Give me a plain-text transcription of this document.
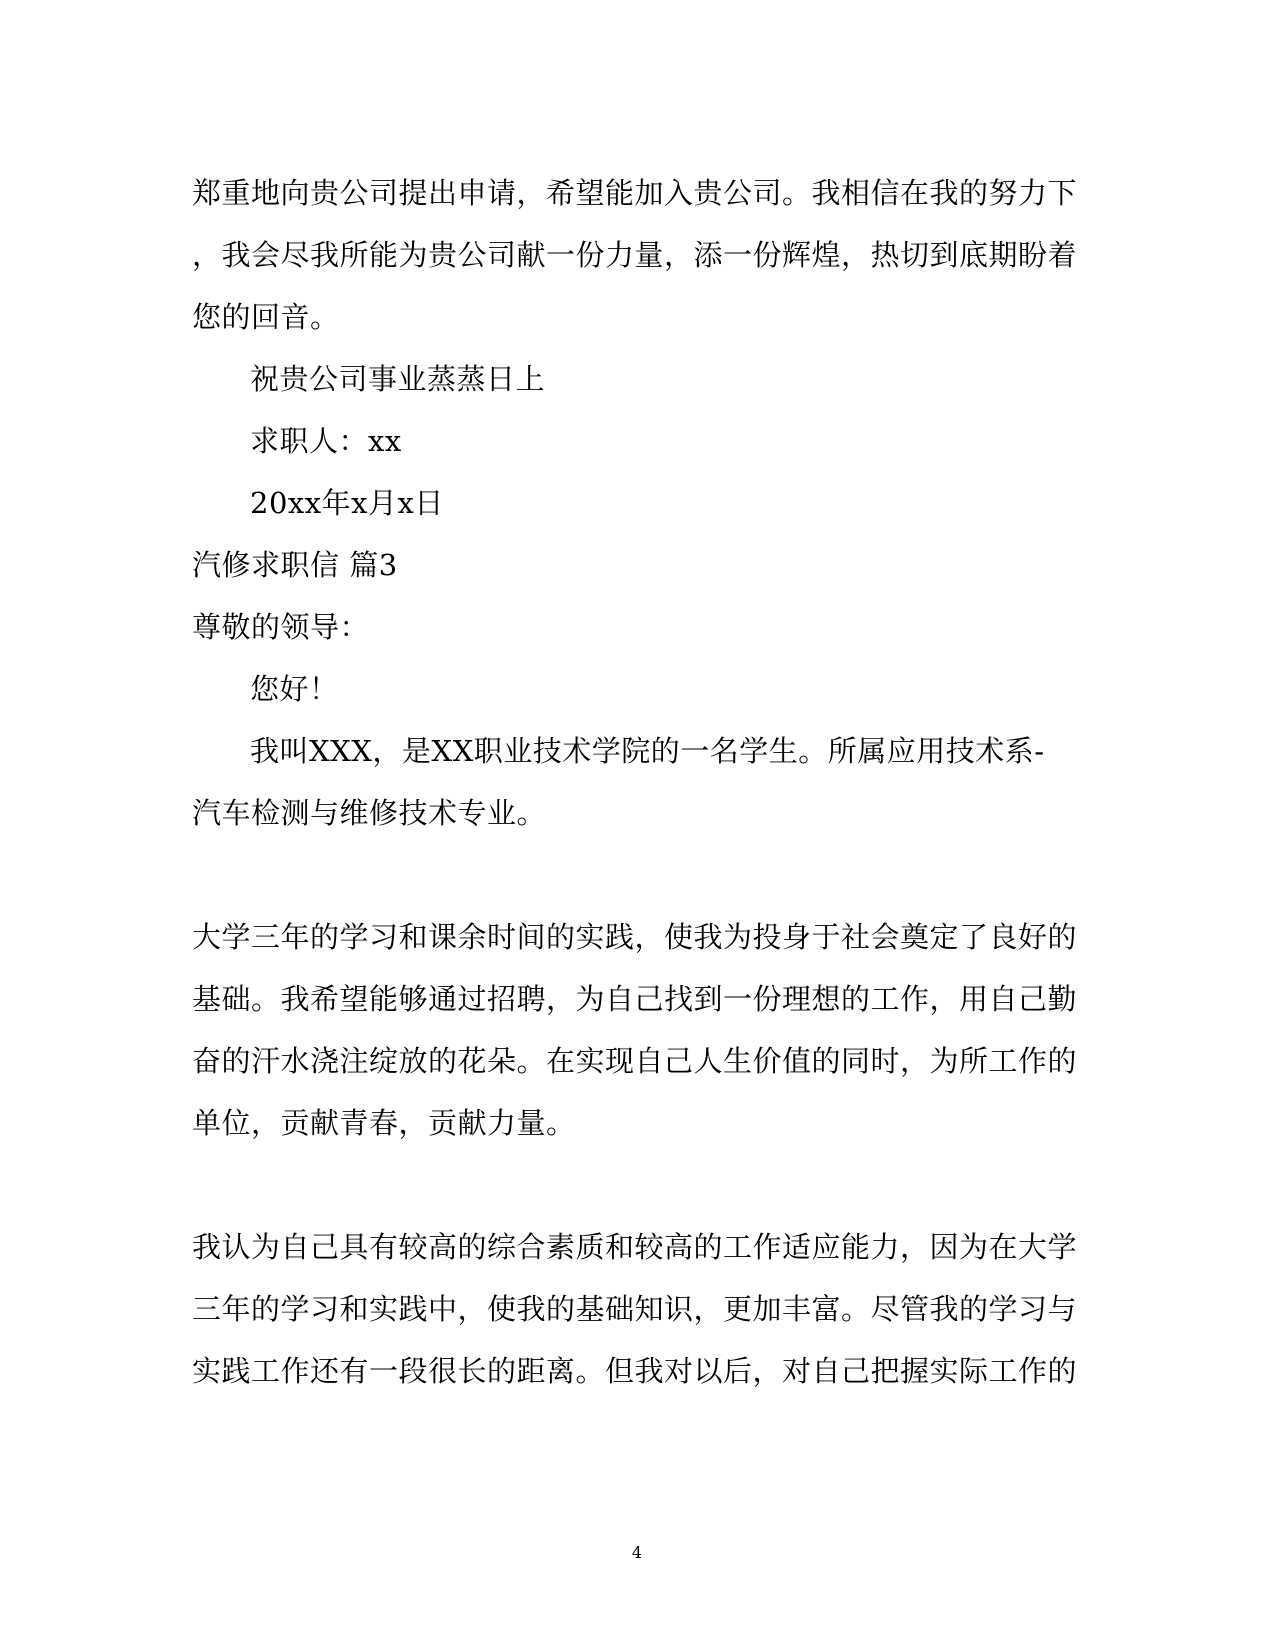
郑重地向贵公司提出申请，希望能加入贵公司。我相信在我的努力下
，我会尽我所能为贵公司献一份力量，添一份辉煌，热切到底期盼着
您的回音。
祝贵公司事业蒸蒸日上
求职人：xx
20xx年x月x日
汽修求职信 篇3
尊敬的领导：
您好！
我叫XXX，是XX职业技术学院的一名学生。所属应用技术系-
汽车检测与维修技术专业。
大学三年的学习和课余时间的实践，使我为投身于社会奠定了良好的
基础。我希望能够通过招聘，为自己找到一份理想的工作，用自己勤
奋的汗水浇注绽放的花朵。在实现自己人生价值的同时，为所工作的
单位，贡献青春，贡献力量。
我认为自己具有较高的综合素质和较高的工作适应能力，因为在大学
三年的学习和实践中，使我的基础知识，更加丰富。尽管我的学习与
实践工作还有一段很长的距离。但我对以后，对自己把握实际工作的
4
